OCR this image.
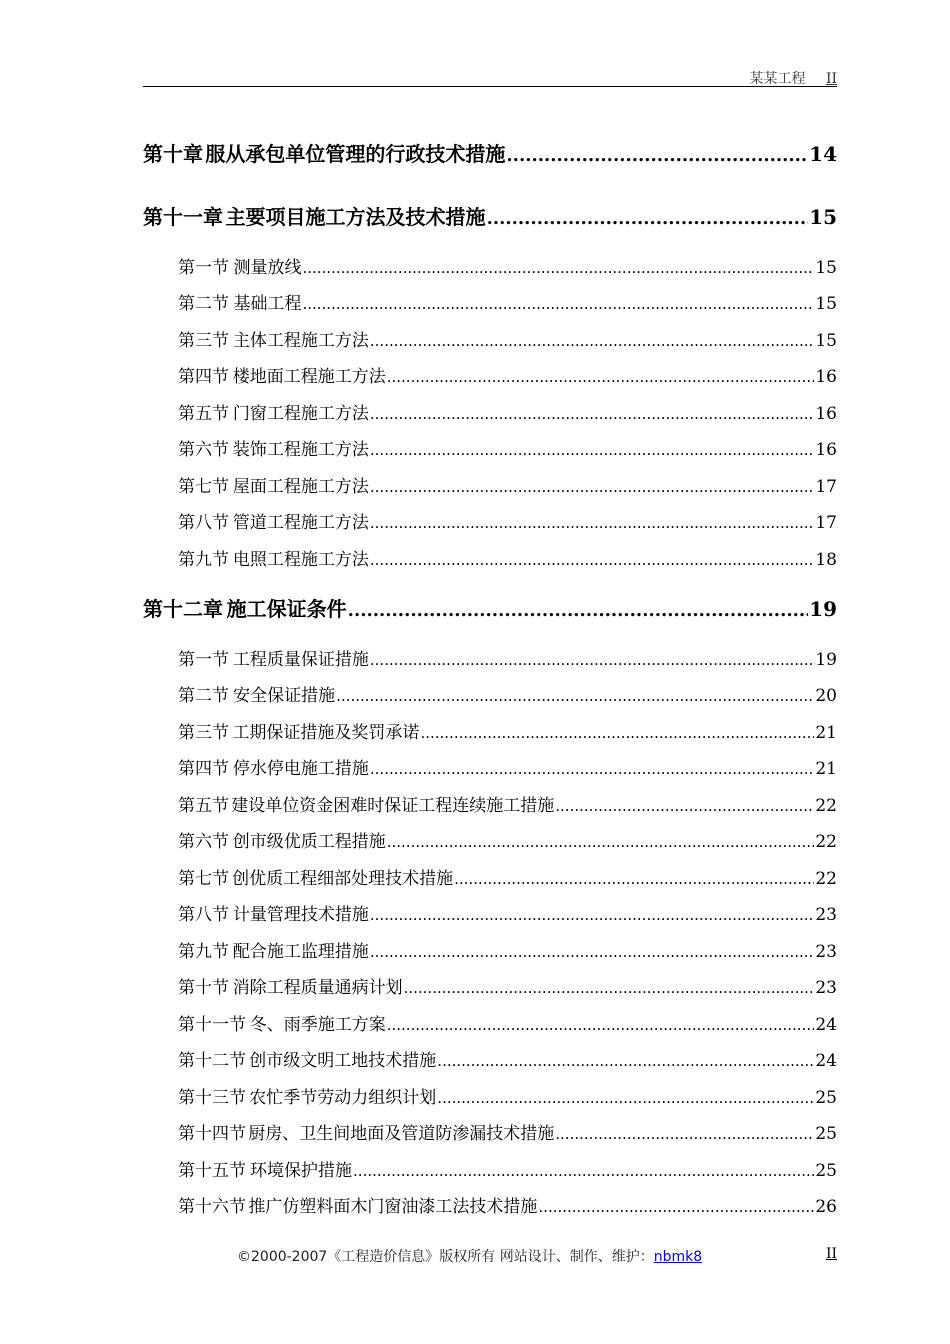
某某工程 II
第十章 服从承包单位管理的行政技术措施 .....	14
第十一章 主要项目施工方法及技术措施 .....	15
第一节 测量放线 .....	15
第二节 基础工程 .....	15
第三节 主体工程施工方法 .....	15
第四节 楼地面工程施工方法 .....	16
第五节 门窗工程施工方法 .....	16
第六节 装饰工程施工方法 .....	16
第七节 屋面工程施工方法 .....	17
第八节 管道工程施工方法 .....	17
第九节 电照工程施工方法 .....	18
第十二章 施工保证条件 .....	19
第一节 工程质量保证措施 .....	19
第二节 安全保证措施 .....	20
第三节 工期保证措施及奖罚承诺 .....	21
第四节 停水停电施工措施 .....	21
第五节 建设单位资金困难时保证工程连续施工措施 .....	22
第六节 创市级优质工程措施 .....	22
第七节 创优质工程细部处理技术措施 .....	22
第八节 计量管理技术措施 .....	23
第九节 配合施工监理措施 .....	23
第十节 消除工程质量通病计划 .....	23
第十一节 冬、雨季施工方案 .....	24
第十二节 创市级文明工地技术措施 .....	24
第十三节 农忙季节劳动力组织计划 .....	25
第十四节 厨房、卫生间地面及管道防渗漏技术措施 .....	25
第十五节 环境保护措施 .....	25
第十六节 推广仿塑料面木门窗油漆工法技术措施 .....	26
©2000-2007《工程造价信息》版权所有 网站设计、制作、维护：nbmk8	II
